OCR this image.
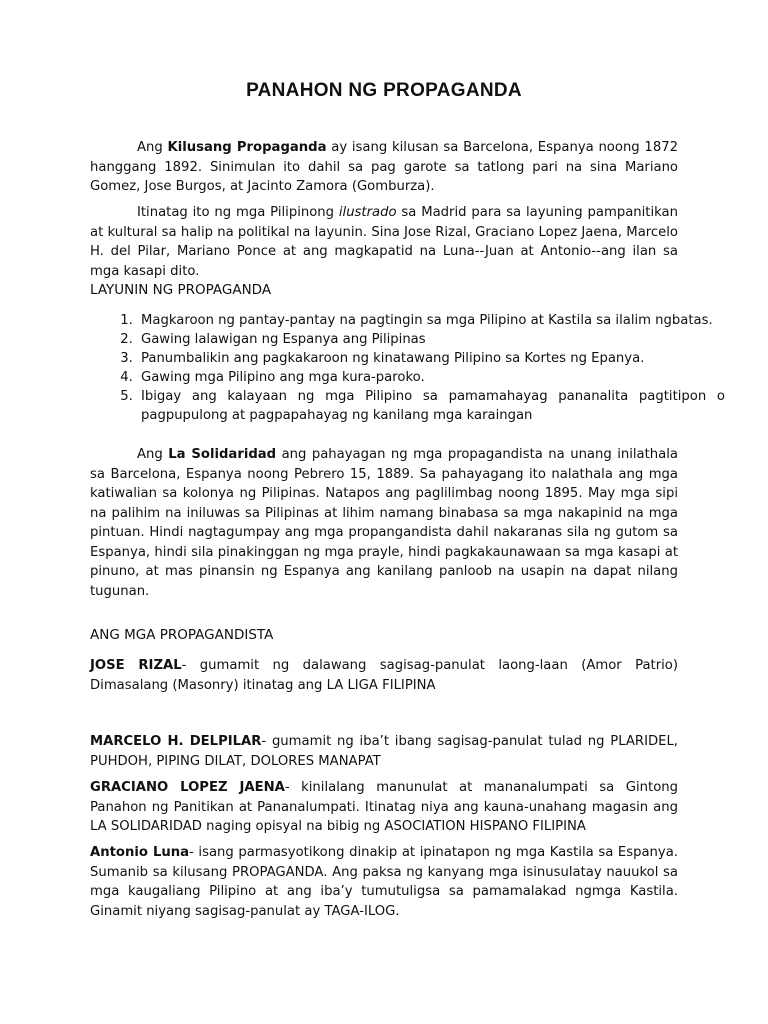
PANAHON NG PROPAGANDA

Ang Kilusang Propaganda ay isang kilusan sa Barcelona, Espanya noong 1872 hanggang 1892. Sinimulan ito dahil sa pag garote sa tatlong pari na sina Mariano Gomez, Jose Burgos, at Jacinto Zamora (Gomburza).

Itinatag ito ng mga Pilipinong ilustrado sa Madrid para sa layuning pampanitikan at kultural sa halip na politikal na layunin. Sina Jose Rizal, Graciano Lopez Jaena, Marcelo H. del Pilar, Mariano Ponce at ang magkapatid na Luna--Juan at Antonio--ang ilan sa mga kasapi dito.

LAYUNIN NG PROPAGANDA

1. Magkaroon ng pantay-pantay na pagtingin sa mga Pilipino at Kastila sa ilalim ngbatas.
2. Gawing lalawigan ng Espanya ang Pilipinas
3. Panumbalikin ang pagkakaroon ng kinatawang Pilipino sa Kortes ng Epanya.
4. Gawing mga Pilipino ang mga kura-paroko.
5. Ibigay ang kalayaan ng mga Pilipino sa pamamahayag pananalita pagtitipon o pagpupulong at pagpapahayag ng kanilang mga karaingan

Ang La Solidaridad ang pahayagan ng mga propagandista na unang inilathala sa Barcelona, Espanya noong Pebrero 15, 1889. Sa pahayagang ito nalathala ang mga katiwalian sa kolonya ng Pilipinas. Natapos ang paglilimbag noong 1895. May mga sipi na palihim na iniluwas sa Pilipinas at lihim namang binabasa sa mga nakapinid na mga pintuan. Hindi nagtagumpay ang mga propangandista dahil nakaranas sila ng gutom sa Espanya, hindi sila pinakinggan ng mga prayle, hindi pagkakaunawaan sa mga kasapi at pinuno, at mas pinansin ng Espanya ang kanilang panloob na usapin na dapat nilang tugunan.

ANG MGA PROPAGANDISTA

JOSE RIZAL- gumamit ng dalawang sagisag-panulat laong-laan (Amor Patrio) Dimasalang (Masonry) itinatag ang LA LIGA FILIPINA

MARCELO H. DELPILAR- gumamit ng iba’t ibang sagisag-panulat tulad ng PLARIDEL, PUHDOH, PIPING DILAT, DOLORES MANAPAT

GRACIANO LOPEZ JAENA- kinilalang manunulat at mananalumpati sa Gintong Panahon ng Panitikan at Pananalumpati. Itinatag niya ang kauna-unahang magasin ang LA SOLIDARIDAD naging opisyal na bibig ng ASOCIATION HISPANO FILIPINA

Antonio Luna- isang parmasyotikong dinakip at ipinatapon ng mga Kastila sa Espanya. Sumanib sa kilusang PROPAGANDA. Ang paksa ng kanyang mga isinusulatay nauukol sa mga kaugaliang Pilipino at ang iba’y tumutuligsa sa pamamalakad ngmga Kastila. Ginamit niyang sagisag-panulat ay TAGA-ILOG.
